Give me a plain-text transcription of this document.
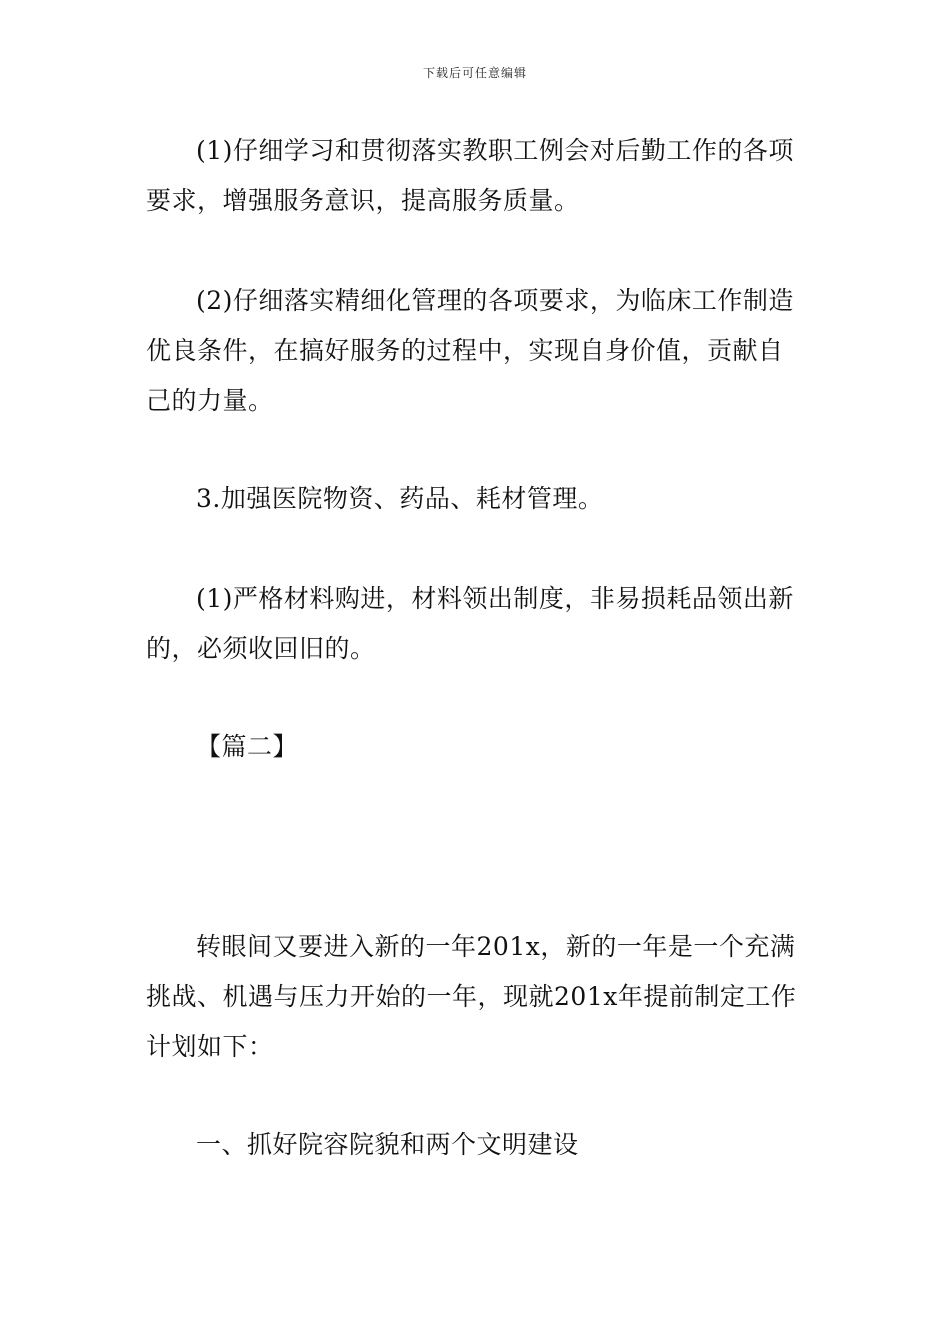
下载后可任意编辑

(1)仔细学习和贯彻落实教职工例会对后勤工作的各项要求，增强服务意识，提高服务质量。

(2)仔细落实精细化管理的各项要求，为临床工作制造优良条件，在搞好服务的过程中，实现自身价值，贡献自己的力量。

3.加强医院物资、药品、耗材管理。

(1)严格材料购进，材料领出制度，非易损耗品领出新的，必须收回旧的。

【篇二】

转眼间又要进入新的一年201x，新的一年是一个充满挑战、机遇与压力开始的一年，现就201x年提前制定工作计划如下：

一、抓好院容院貌和两个文明建设
